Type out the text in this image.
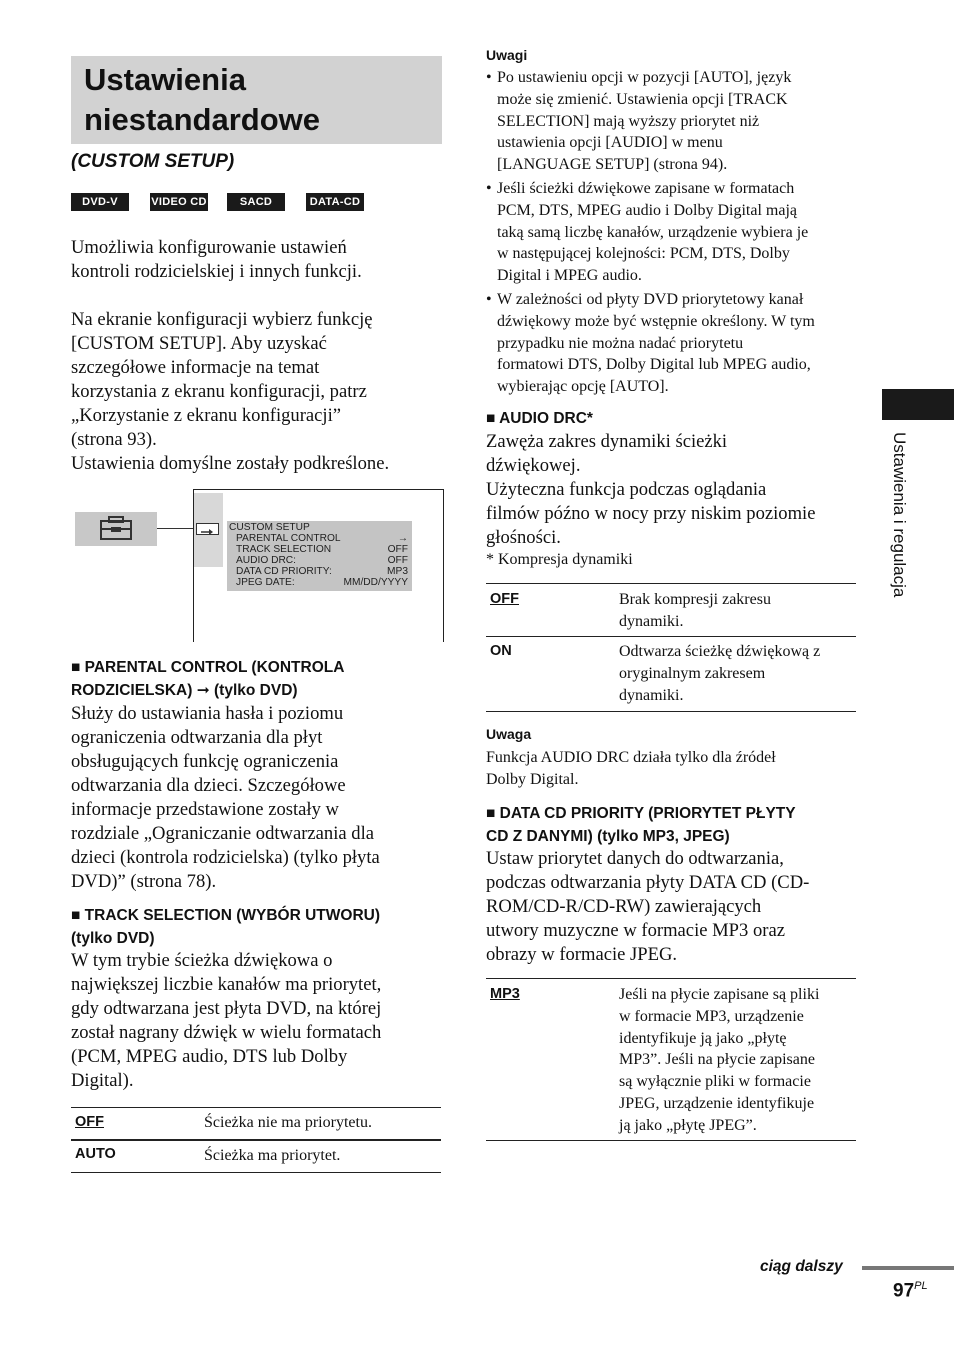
Ustawienia
niestandardowe
(CUSTOM SETUP)
DVD-V	VIDEO CD	SACD	DATA-CD
Umożliwia konfigurowanie ustawień
kontroli rodzicielskiej i innych funkcji.
Na ekranie konfiguracji wybierz funkcję
[CUSTOM SETUP]. Aby uzyskać
szczegółowe informacje na temat
korzystania z ekranu konfiguracji, patrz
„Korzystanie z ekranu konfiguracji”
(strona 93).
Ustawienia domyślne zostały podkreślone.
CUSTOM SETUP
PARENTAL CONTROL	→
TRACK SELECTION	OFF
AUDIO DRC:	OFF
DATA CD PRIORITY:	MP3
JPEG DATE:	MM/DD/YYYY
■ PARENTAL CONTROL (KONTROLA
RODZICIELSKA) ➞ (tylko DVD)
Służy do ustawiania hasła i poziomu
ograniczenia odtwarzania dla płyt
obsługujących funkcję ograniczenia
odtwarzania dla dzieci. Szczegółowe
informacje przedstawione zostały w
rozdziale „Ograniczanie odtwarzania dla
dzieci (kontrola rodzicielska) (tylko płyta
DVD)” (strona 78).
■ TRACK SELECTION (WYBÓR UTWORU)
(tylko DVD)
W tym trybie ścieżka dźwiękowa o
największej liczbie kanałów ma priorytet,
gdy odtwarzana jest płyta DVD, na której
został nagrany dźwięk w wielu formatach
(PCM, MPEG audio, DTS lub Dolby
Digital).
OFF	Ścieżka nie ma priorytetu.
AUTO	Ścieżka ma priorytet.
Uwagi
• Po ustawieniu opcji w pozycji [AUTO], język
może się zmienić. Ustawienia opcji [TRACK
SELECTION] mają wyższy priorytet niż
ustawienia opcji [AUDIO] w menu
[LANGUAGE SETUP] (strona 94).
• Jeśli ścieżki dźwiękowe zapisane w formatach
PCM, DTS, MPEG audio i Dolby Digital mają
taką samą liczbę kanałów, urządzenie wybiera je
w następującej kolejności: PCM, DTS, Dolby
Digital i MPEG audio.
• W zależności od płyty DVD priorytetowy kanał
dźwiękowy może być wstępnie określony. W tym
przypadku nie można nadać priorytetu
formatowi DTS, Dolby Digital lub MPEG audio,
wybierając opcję [AUTO].
■ AUDIO DRC*
Zawęża zakres dynamiki ścieżki
dźwiękowej.
Użyteczna funkcja podczas oglądania
filmów późno w nocy przy niskim poziomie
głośności.
* Kompresja dynamiki
OFF	Brak kompresji zakresu
dynamiki.
ON	Odtwarza ścieżkę dźwiękową z
oryginalnym zakresem
dynamiki.
Uwaga
Funkcja AUDIO DRC działa tylko dla źródeł
Dolby Digital.
■ DATA CD PRIORITY (PRIORYTET PŁYTY
CD Z DANYMI) (tylko MP3, JPEG)
Ustaw priorytet danych do odtwarzania,
podczas odtwarzania płyty DATA CD (CD-
ROM/CD-R/CD-RW) zawierających
utwory muzyczne w formacie MP3 oraz
obrazy w formacie JPEG.
MP3	Jeśli na płycie zapisane są pliki
w formacie MP3, urządzenie
identyfikuje ją jako „płytę
MP3”. Jeśli na płycie zapisane
są wyłącznie pliki w formacie
JPEG, urządzenie identyfikuje
ją jako „płytę JPEG”.
Ustawienia i regulacja
ciąg dalszy
$97^{PL}$
